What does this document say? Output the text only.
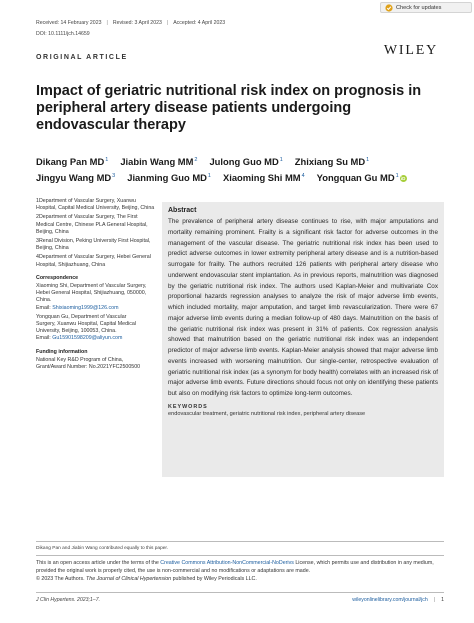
Received: 14 February 2023 | Revised: 3 April 2023 | Accepted: 4 April 2023
DOI: 10.1111/jch.14659
Check for updates
ORIGINAL ARTICLE	WILEY
Impact of geriatric nutritional risk index on prognosis in peripheral artery disease patients undergoing endovascular therapy
Dikang Pan $MD^1$ Jiabin Wang $MM^2$ Julong Guo $MD^1$ Zhixiang Su $MD^1$
Jingyu Wang $MD^3$ Jianming Guo $MD^1$ Xiaoming Shi $MM^4$ Yongquan Gu $MD^1$ iD

1Department of Vascular Surgery, Xuanwu Hospital, Capital Medical University, Beijing, China

2Department of Vascular Surgery, The First Medical Centre, Chinese PLA General Hospital, Beijing, China

3Renal Division, Peking University First Hospital, Beijing, China

4Department of Vascular Surgery, Hebei General Hospital, Shijiazhuang, China

Correspondence

Xiaoming Shi, Department of Vascular Surgery,
Hebei General Hospital, Shijiazhuang, 050000,
China.
Email: Shixiaoming1999@126.com

Yongquan Gu, Department of Vascular
Surgery, Xuanwu Hospital, Capital Medical
University, Beijing, 100053, China.
Email: Gu15901598209@aliyun.com

Funding information

National Key R&D Program of China,
Grant/Award Number: No.2021YFC2500500

Abstract

The prevalence of peripheral artery disease continues to rise, with major amputations and mortality remaining prominent. Frailty is a significant risk factor for adverse outcomes in the management of the vascular disease. The geriatric nutritional risk index has been used to predict adverse outcomes in lower extremity peripheral artery disease and is a nutrition-based surrogate for frailty. The authors recruited 126 patients with peripheral artery disease who underwent endovascular stent implantation. As in previous reports, malnutrition was diagnosed by the geriatric nutritional risk index. The authors used Kaplan-Meier and multivariate Cox proportional hazards regression analyses to analyze the risk of major adverse limb events, which included mortality, major amputation, and target limb revascularization. There were 67 major adverse limb events during a median follow-up of 480 days. Malnutrition on the basis of the geriatric nutritional risk index was present in 31% of patients. Cox regression analysis showed that malnutrition based on the geriatric nutritional risk index was an independent predictor of major adverse limb events. Kaplan-Meier analysis showed that major adverse limb events increased with worsening malnutrition. Our single-center, retrospective evaluation of geriatric nutritional risk index (as a synonym for body health) correlates with an increased risk of major adverse limb events. Future directions should focus not only on identifying these patients but also on modifying risk factors to optimize long-term outcomes.

KEYWORDS
endovascular treatment, geriatric nutritional risk index, peripheral artery disease
Dikang Pan and Jiabin Wang contributed equally to this paper.
This is an open access article under the terms of the Creative Commons Attribution-NonCommercial-NoDerivs License, which permits use and distribution in any medium, provided the original work is properly cited, the use is non-commercial and no modifications or adaptations are made.
© 2023 The Authors. The Journal of Clinical Hypertension published by Wiley Periodicals LLC.
J Clin Hypertens. 2023;1–7.	wileyonlinelibrary.com/journal/jch | 1
